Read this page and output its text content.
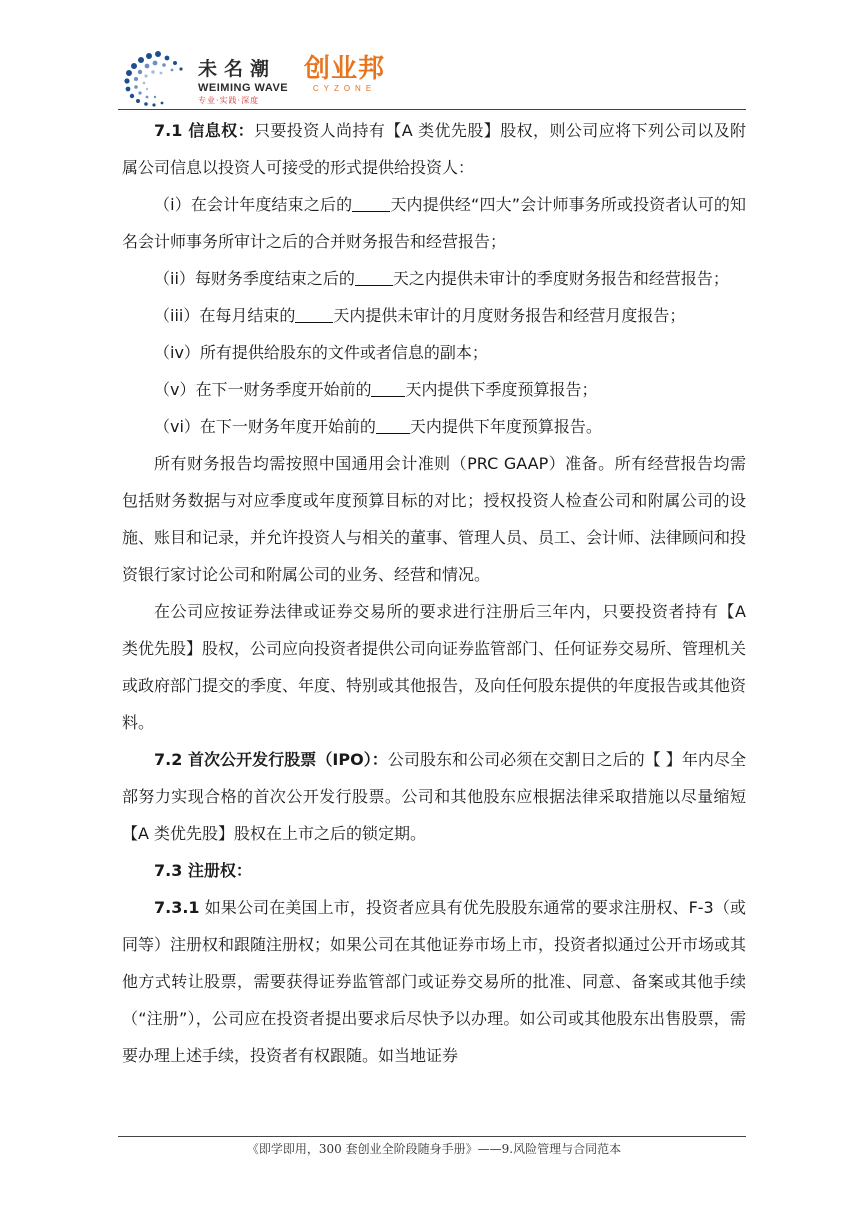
未名潮
WEIMING WAVE
专业·实践·深度
创业邦
CYZONE

7.1 信息权：只要投资人尚持有【A 类优先股】股权，则公司应将下列公司以及附属公司信息以投资人可接受的形式提供给投资人：

（i）在会计年度结束之后的 天内提供经“四大”会计师事务所或投资者认可的知名会计师事务所审计之后的合并财务报告和经营报告；

（ii）每财务季度结束之后的 天之内提供未审计的季度财务报告和经营报告；

（iii）在每月结束的 天内提供未审计的月度财务报告和经营月度报告；

（iv）所有提供给股东的文件或者信息的副本；

（v）在下一财务季度开始前的 天内提供下季度预算报告；

（vi）在下一财务年度开始前的 天内提供下年度预算报告。

所有财务报告均需按照中国通用会计准则（PRC GAAP）准备。所有经营报告均需包括财务数据与对应季度或年度预算目标的对比；授权投资人检查公司和附属公司的设施、账目和记录，并允许投资人与相关的董事、管理人员、员工、会计师、法律顾问和投资银行家讨论公司和附属公司的业务、经营和情况。

在公司应按证券法律或证券交易所的要求进行注册后三年内，只要投资者持有【A 类优先股】股权，公司应向投资者提供公司向证券监管部门、任何证券交易所、管理机关或政府部门提交的季度、年度、特别或其他报告，及向任何股东提供的年度报告或其他资料。

7.2 首次公开发行股票（IPO）：公司股东和公司必须在交割日之后的【 】年内尽全部努力实现合格的首次公开发行股票。公司和其他股东应根据法律采取措施以尽量缩短【A 类优先股】股权在上市之后的锁定期。

7.3 注册权：

7.3.1 如果公司在美国上市，投资者应具有优先股股东通常的要求注册权、F-3（或同等）注册权和跟随注册权；如果公司在其他证券市场上市，投资者拟通过公开市场或其他方式转让股票，需要获得证券监管部门或证券交易所的批准、同意、备案或其他手续（“注册”），公司应在投资者提出要求后尽快予以办理。如公司或其他股东出售股票，需要办理上述手续，投资者有权跟随。如当地证券

《即学即用，300 套创业全阶段随身手册》——9.风险管理与合同范本
